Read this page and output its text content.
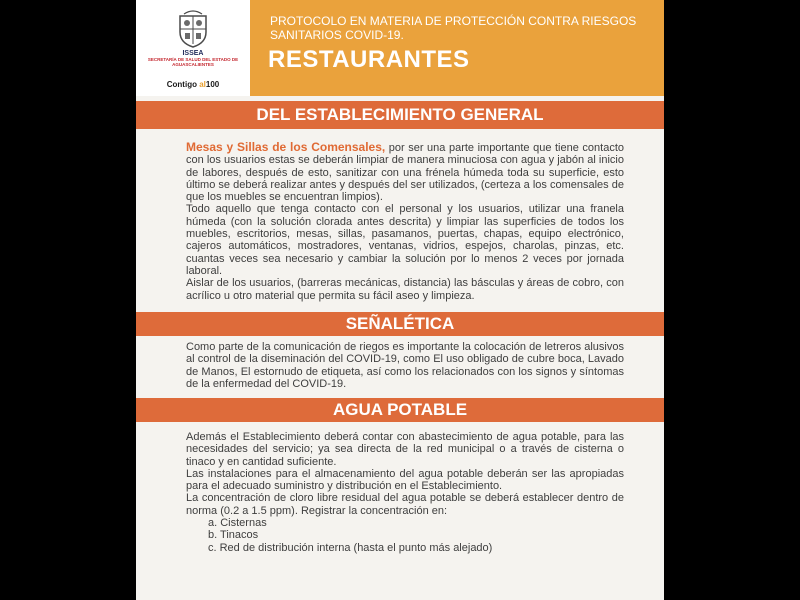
ISSEA
SECRETARÍA DE SALUD DEL ESTADO DE AGUASCALIENTES
Contigo al100
PROTOCOLO EN MATERIA DE PROTECCIÓN CONTRA RIESGOS SANITARIOS COVID-19.
RESTAURANTES
DEL ESTABLECIMIENTO GENERAL

Mesas y Sillas de los Comensales, por ser una parte importante que tiene contacto con los usuarios estas se deberán limpiar de manera minuciosa con agua y jabón al inicio de labores, después de esto, sanitizar con una frénela húmeda toda su superficie, esto último se deberá realizar antes y después del ser utilizados, (certeza a los comensales de que los muebles se encuentran limpios).

Todo aquello que tenga contacto con el personal y los usuarios, utilizar una franela húmeda (con la solución clorada antes descrita) y limpiar las superficies de todos los muebles, escritorios, mesas, sillas, pasamanos, puertas, chapas, equipo electrónico, cajeros automáticos, mostradores, ventanas, vidrios, espejos, charolas, pinzas, etc. cuantas veces sea necesario y cambiar la solución por lo menos 2 veces por jornada laboral.

Aislar de los usuarios, (barreras mecánicas, distancia) las básculas y áreas de cobro, con acrílico u otro material que permita su fácil aseo y limpieza.

SEÑALÉTICA

Como parte de la comunicación de riegos es importante la colocación de letreros alusivos al control de la diseminación del COVID-19, como El uso obligado de cubre boca, Lavado de Manos, El estornudo de etiqueta, así como los relacionados con los signos y síntomas de la enfermedad del COVID-19.

AGUA POTABLE

Además el Establecimiento deberá contar con abastecimiento de agua potable, para las necesidades del servicio; ya sea directa de la red municipal o a través de cisterna o tinaco y en cantidad suficiente.

Las instalaciones para el almacenamiento del agua potable deberán ser las apropiadas para el adecuado suministro y distribución en el Establecimiento.

La concentración de cloro libre residual del agua potable se deberá establecer dentro de norma (0.2 a 1.5 ppm). Registrar la concentración en:

a. Cisternas
b. Tinacos
c. Red de distribución interna (hasta el punto más alejado)
